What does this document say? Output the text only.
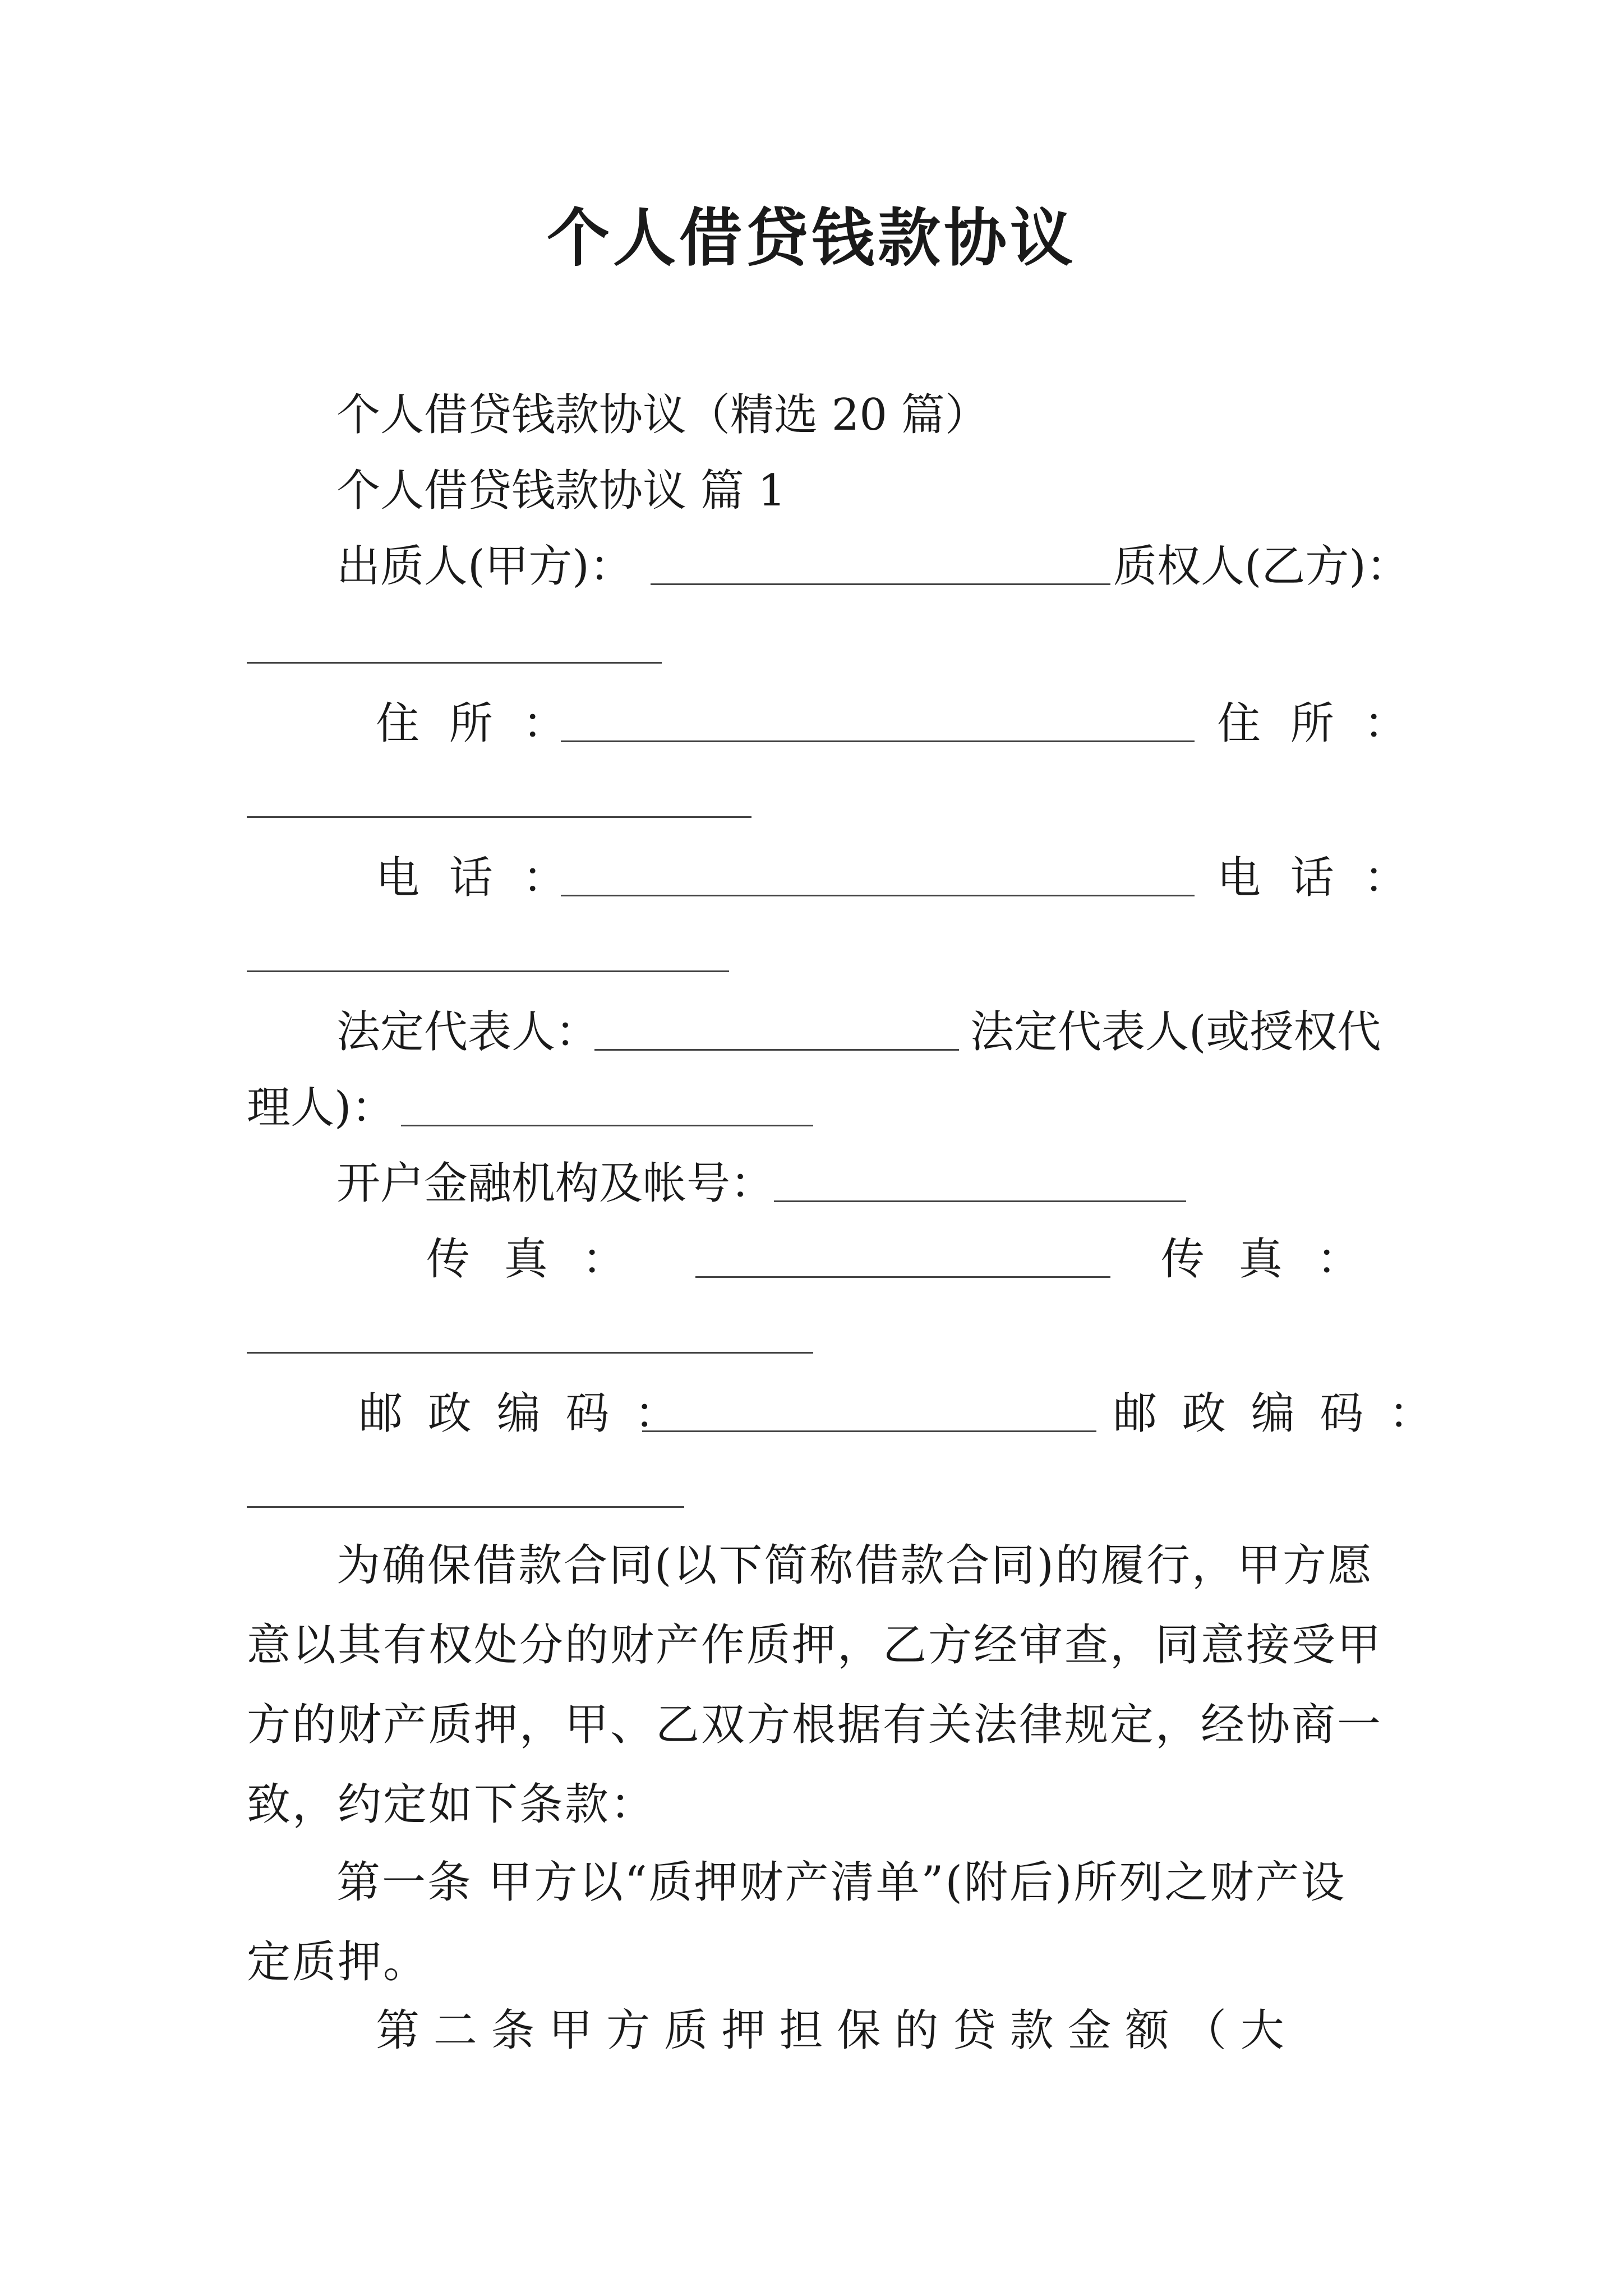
个人借贷钱款协议
个人借贷钱款协议（精选 20 篇）
个人借贷钱款协议 篇 1
出质人(甲方)：	质权人(乙方)：
住 所 ：	住 所 ：
电 话 ：	电 话 ：
法定代表人：	法定代表人(或授权代
理人)：
开户金融机构及帐号：
传 真 ：	传 真 ：
邮 政 编 码 ：	邮 政 编 码 ：
为确保借款合同(以下简称借款合同)的履行，甲方愿意以其有权处分的财产作质押，乙方经审查，同意接受甲方的财产质押，甲、乙双方根据有关法律规定，经协商一致，约定如下条款：
第一条 甲方以“质押财产清单”(附后)所列之财产设定质押。
第 二 条 甲 方 质 押 担 保 的 贷 款 金 额 （ 大
